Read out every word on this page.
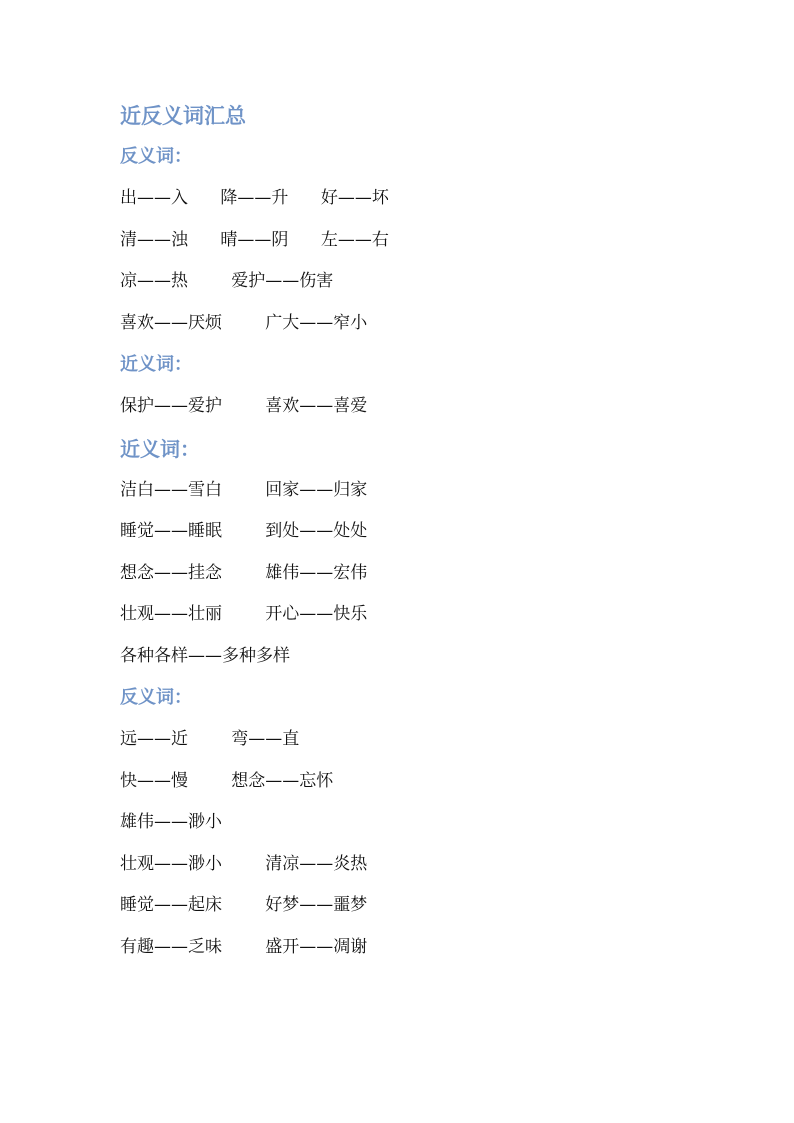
近反义词汇总
反义词：
出——入      降——升      好——坏
清——浊      晴——阴      左——右
凉——热        爱护——伤害
喜欢——厌烦        广大——窄小
近义词：
保护——爱护        喜欢——喜爱
近义词：
洁白——雪白        回家——归家
睡觉——睡眠        到处——处处
想念——挂念        雄伟——宏伟
壮观——壮丽        开心——快乐
各种各样——多种多样
反义词：
远——近        弯——直
快——慢        想念——忘怀
雄伟——渺小
壮观——渺小        清凉——炎热
睡觉——起床        好梦——噩梦
有趣——乏味        盛开——凋谢
